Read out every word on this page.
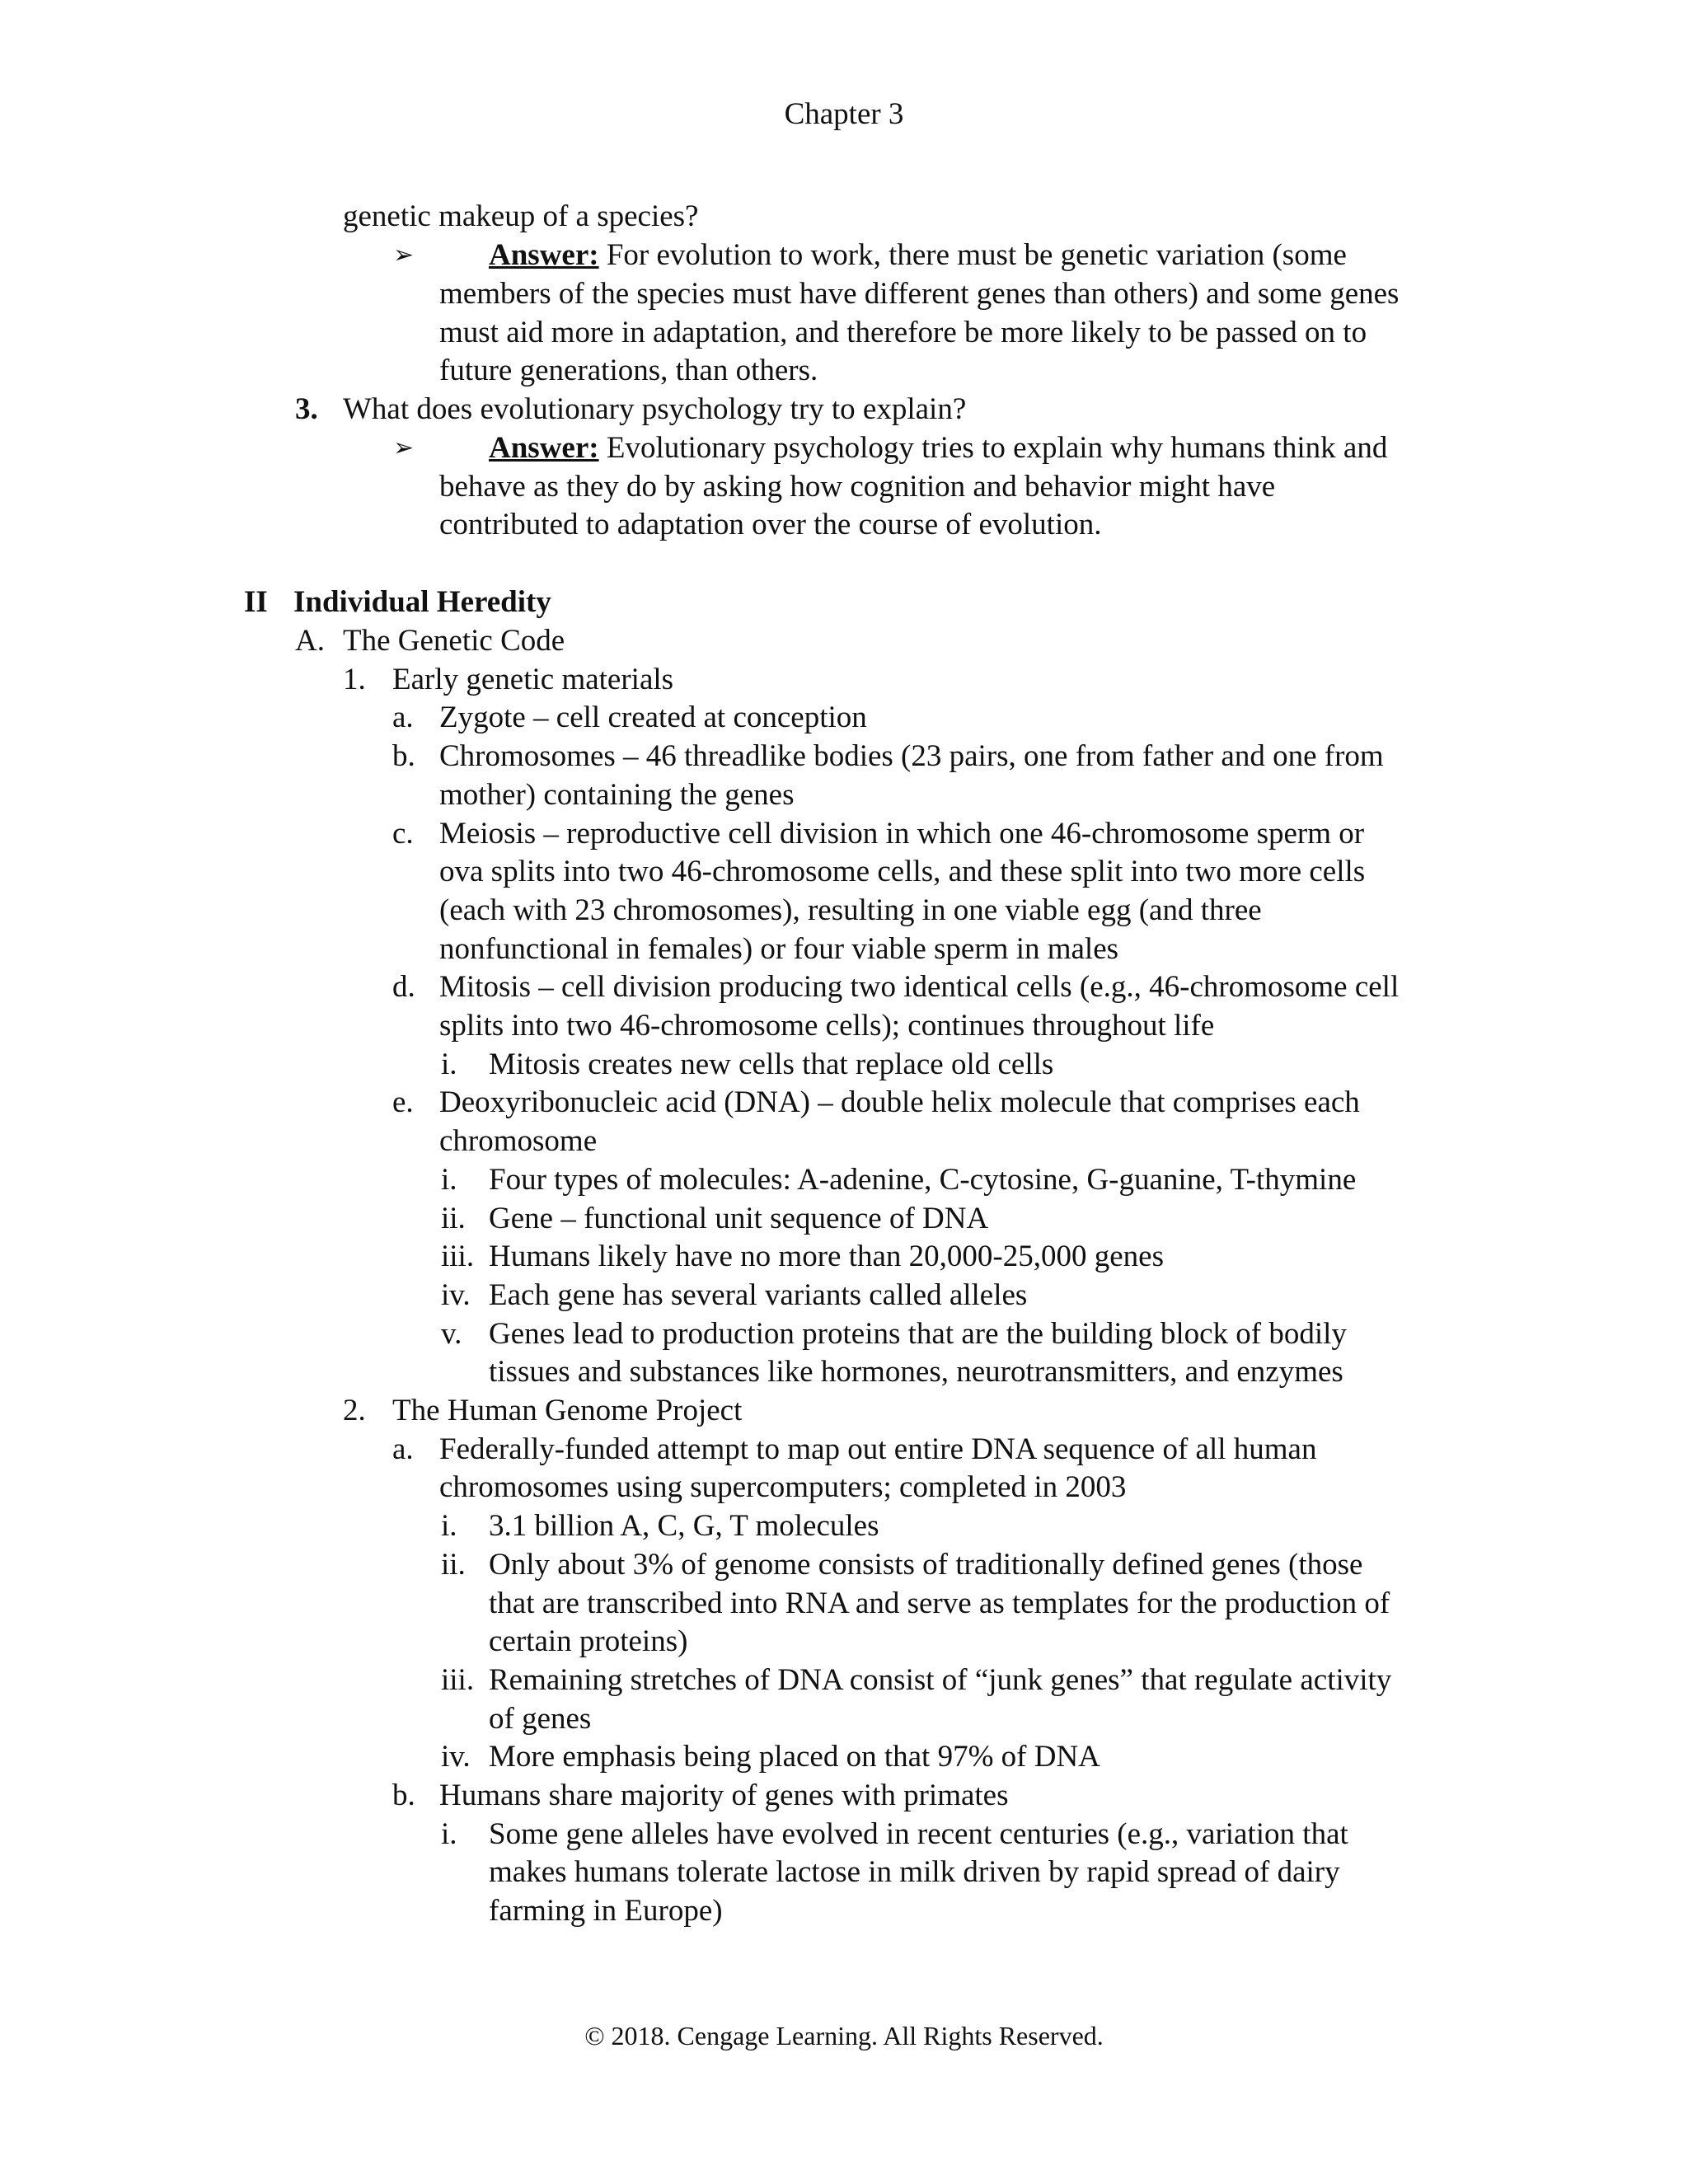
Chapter 3
genetic makeup of a species?
➢ Answer: For evolution to work, there must be genetic variation (some
members of the species must have different genes than others) and some genes
must aid more in adaptation, and therefore be more likely to be passed on to
future generations, than others.
3. What does evolutionary psychology try to explain?
➢ Answer: Evolutionary psychology tries to explain why humans think and
behave as they do by asking how cognition and behavior might have
contributed to adaptation over the course of evolution.
II Individual Heredity
A. The Genetic Code
1. Early genetic materials
a. Zygote – cell created at conception
b. Chromosomes – 46 threadlike bodies (23 pairs, one from father and one from
mother) containing the genes
c. Meiosis – reproductive cell division in which one 46-chromosome sperm or
ova splits into two 46-chromosome cells, and these split into two more cells
(each with 23 chromosomes), resulting in one viable egg (and three
nonfunctional in females) or four viable sperm in males
d. Mitosis – cell division producing two identical cells (e.g., 46-chromosome cell
splits into two 46-chromosome cells); continues throughout life
i. Mitosis creates new cells that replace old cells
e. Deoxyribonucleic acid (DNA) – double helix molecule that comprises each
chromosome
i. Four types of molecules: A-adenine, C-cytosine, G-guanine, T-thymine
ii. Gene – functional unit sequence of DNA
iii. Humans likely have no more than 20,000-25,000 genes
iv. Each gene has several variants called alleles
v. Genes lead to production proteins that are the building block of bodily
tissues and substances like hormones, neurotransmitters, and enzymes
2. The Human Genome Project
a. Federally-funded attempt to map out entire DNA sequence of all human
chromosomes using supercomputers; completed in 2003
i. 3.1 billion A, C, G, T molecules
ii. Only about 3% of genome consists of traditionally defined genes (those
that are transcribed into RNA and serve as templates for the production of
certain proteins)
iii. Remaining stretches of DNA consist of “junk genes” that regulate activity
of genes
iv. More emphasis being placed on that 97% of DNA
b. Humans share majority of genes with primates
i. Some gene alleles have evolved in recent centuries (e.g., variation that
makes humans tolerate lactose in milk driven by rapid spread of dairy
farming in Europe)
© 2018. Cengage Learning. All Rights Reserved.
